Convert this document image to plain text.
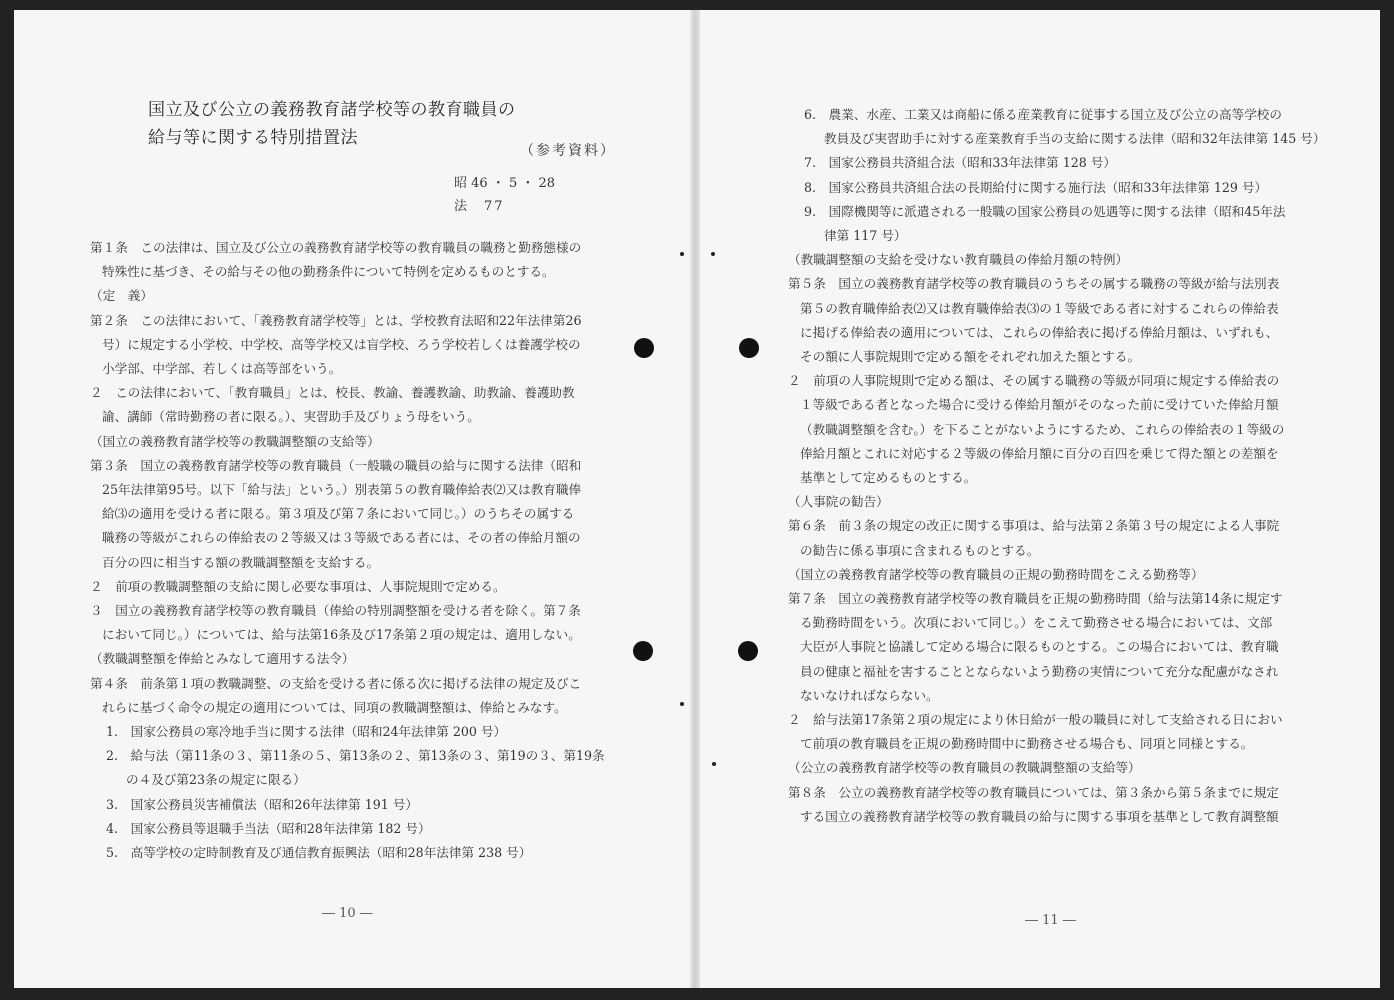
国立及び公立の義務教育諸学校等の教育職員の
給与等に関する特別措置法
（参考資料）
昭 46 ・ 5 ・ 28
法　77
第１条　この法律は、国立及び公立の義務教育諸学校等の教育職員の職務と勤務態様の
特殊性に基づき、その給与その他の勤務条件について特例を定めるものとする。
（定　義）
第２条　この法律において、「義務教育諸学校等」とは、学校教育法昭和22年法律第26
号）に規定する小学校、中学校、高等学校又は盲学校、ろう学校若しくは養護学校の
小学部、中学部、若しくは高等部をいう。
２　この法律において、「教育職員」とは、校長、教諭、養護教諭、助教諭、養護助教
諭、講師（常時勤務の者に限る。）、実習助手及びりょう母をいう。
（国立の義務教育諸学校等の教職調整額の支給等）
第３条　国立の義務教育諸学校等の教育職員（一般職の職員の給与に関する法律（昭和
25年法律第95号。以下「給与法」という。）別表第５の教育職俸給表⑵又は教育職俸
給⑶の適用を受ける者に限る。第３項及び第７条において同じ。）のうちその属する
職務の等級がこれらの俸給表の２等級又は３等級である者には、その者の俸給月額の
百分の四に相当する額の教職調整額を支給する。
２　前項の教職調整額の支給に関し必要な事項は、人事院規則で定める。
３　国立の義務教育諸学校等の教育職員（俸給の特別調整額を受ける者を除く。第７条
において同じ。）については、給与法第16条及び17条第２項の規定は、適用しない。
（教職調整額を俸給とみなして適用する法令）
第４条　前条第１項の教職調整、の支給を受ける者に係る次に掲げる法律の規定及びこ
れらに基づく命令の規定の適用については、同項の教職調整額は、俸給とみなす。
1.　国家公務員の寒冷地手当に関する法律（昭和24年法律第 200 号）
2.　給与法（第11条の３、第11条の５、第13条の２、第13条の３、第19の３、第19条
の４及び第23条の規定に限る）
3.　国家公務員災害補償法（昭和26年法律第 191 号）
4.　国家公務員等退職手当法（昭和28年法律第 182 号）
5.　高等学校の定時制教育及び通信教育振興法（昭和28年法律第 238 号）
― 10 ―
6.　農業、水産、工業又は商船に係る産業教育に従事する国立及び公立の高等学校の
教員及び実習助手に対する産業教育手当の支給に関する法律（昭和32年法律第 145 号）
7.　国家公務員共済組合法（昭和33年法律第 128 号）
8.　国家公務員共済組合法の長期給付に関する施行法（昭和33年法律第 129 号）
9.　国際機関等に派遣される一般職の国家公務員の処遇等に関する法律（昭和45年法
律第 117 号）
（教職調整額の支給を受けない教育職員の俸給月額の特例）
第５条　国立の義務教育諸学校等の教育職員のうちその属する職務の等級が給与法別表
第５の教育職俸給表⑵又は教育職俸給表⑶の１等級である者に対するこれらの俸給表
に掲げる俸給表の適用については、これらの俸給表に掲げる俸給月額は、いずれも、
その額に人事院規則で定める額をそれぞれ加えた額とする。
２　前項の人事院規則で定める額は、その属する職務の等級が同項に規定する俸給表の
１等級である者となった場合に受ける俸給月額がそのなった前に受けていた俸給月額
（教職調整額を含む。）を下ることがないようにするため、これらの俸給表の１等級の
俸給月額とこれに対応する２等級の俸給月額に百分の百四を乗じて得た額との差額を
基準として定めるものとする。
（人事院の勧告）
第６条　前３条の規定の改正に関する事項は、給与法第２条第３号の規定による人事院
の勧告に係る事項に含まれるものとする。
（国立の義務教育諸学校等の教育職員の正規の勤務時間をこえる勤務等）
第７条　国立の義務教育諸学校等の教育職員を正規の勤務時間（給与法第14条に規定す
る勤務時間をいう。次項において同じ。）をこえて勤務させる場合においては、文部
大臣が人事院と協議して定める場合に限るものとする。この場合においては、教育職
員の健康と福祉を害することとならないよう勤務の実情について充分な配慮がなされ
ないなければならない。
２　給与法第17条第２項の規定により休日給が一般の職員に対して支給される日におい
て前項の教育職員を正規の勤務時間中に勤務させる場合も、同項と同様とする。
（公立の義務教育諸学校等の教育職員の教職調整額の支給等）
第８条　公立の義務教育諸学校等の教育職員については、第３条から第５条までに規定
する国立の義務教育諸学校等の教育職員の給与に関する事項を基準として教育調整額
― 11 ―
